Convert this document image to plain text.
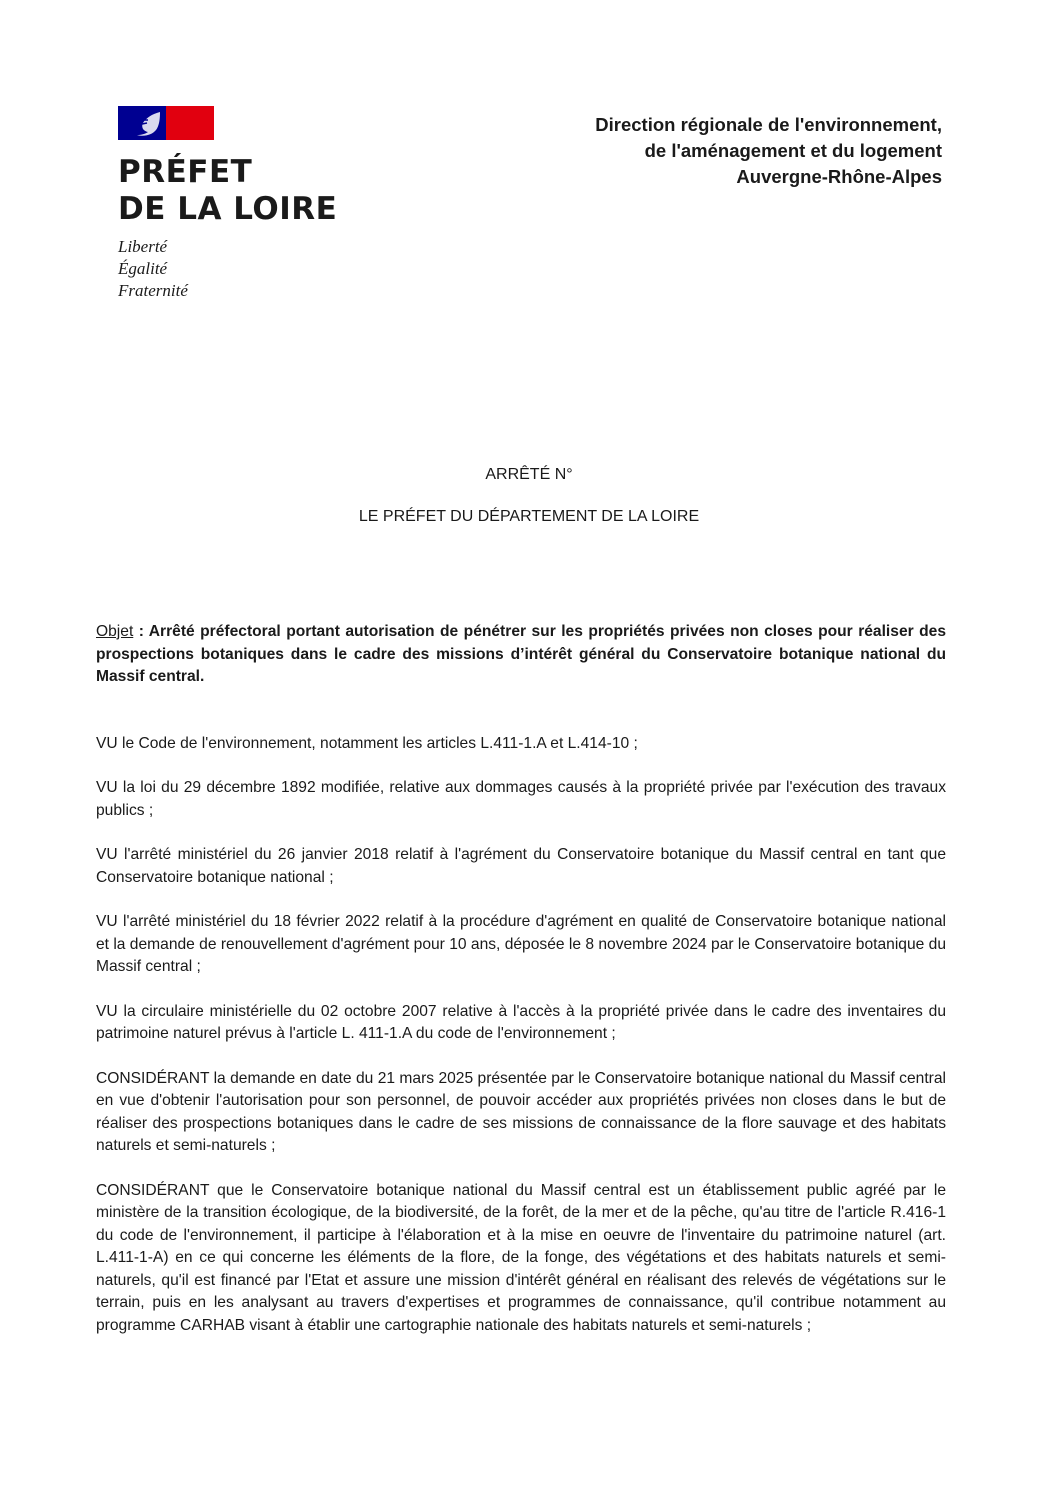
PRÉFET
DE LA LOIRE
Liberté
Égalité
Fraternité
Direction régionale de l'environnement,
de l'aménagement et du logement
Auvergne-Rhône-Alpes
ARRÊTÉ N°
LE PRÉFET DU DÉPARTEMENT DE LA LOIRE
Objet : Arrêté préfectoral portant autorisation de pénétrer sur les propriétés privées non closes pour réaliser des prospections botaniques dans le cadre des missions d’intérêt général du Conservatoire botanique national du Massif central.

VU le Code de l'environnement, notamment les articles L.411-1.A et L.414-10 ;

VU la loi du 29 décembre 1892 modifiée, relative aux dommages causés à la propriété privée par l'exécution des travaux publics ;

VU l'arrêté ministériel du 26 janvier 2018 relatif à l'agrément du Conservatoire botanique du Massif central en tant que Conservatoire botanique national ;

VU l'arrêté ministériel du 18 février 2022 relatif à la procédure d'agrément en qualité de Conservatoire botanique national et la demande de renouvellement d'agrément pour 10 ans, déposée le 8 novembre 2024 par le Conservatoire botanique du Massif central ;

VU la circulaire ministérielle du 02 octobre 2007 relative à l'accès à la propriété privée dans le cadre des inventaires du patrimoine naturel prévus à l'article L. 411-1.A du code de l'environnement ;

CONSIDÉRANT la demande en date du 21 mars 2025 présentée par le Conservatoire botanique national du Massif central en vue d'obtenir l'autorisation pour son personnel, de pouvoir accéder aux propriétés privées non closes dans le but de réaliser des prospections botaniques dans le cadre de ses missions de connaissance de la flore sauvage et des habitats naturels et semi-naturels ;

CONSIDÉRANT que le Conservatoire botanique national du Massif central est un établissement public agréé par le ministère de la transition écologique, de la biodiversité, de la forêt, de la mer et de la pêche, qu'au titre de l'article R.416-1 du code de l'environnement, il participe à l'élaboration et à la mise en oeuvre de l'inventaire du patrimoine naturel (art. L.411-1-A) en ce qui concerne les éléments de la flore, de la fonge, des végétations et des habitats naturels et semi-naturels, qu'il est financé par l'Etat et assure une mission d'intérêt général en réalisant des relevés de végétations sur le terrain, puis en les analysant au travers d'expertises et programmes de connaissance, qu'il contribue notamment au programme CARHAB visant à établir une cartographie nationale des habitats naturels et semi-naturels ;
